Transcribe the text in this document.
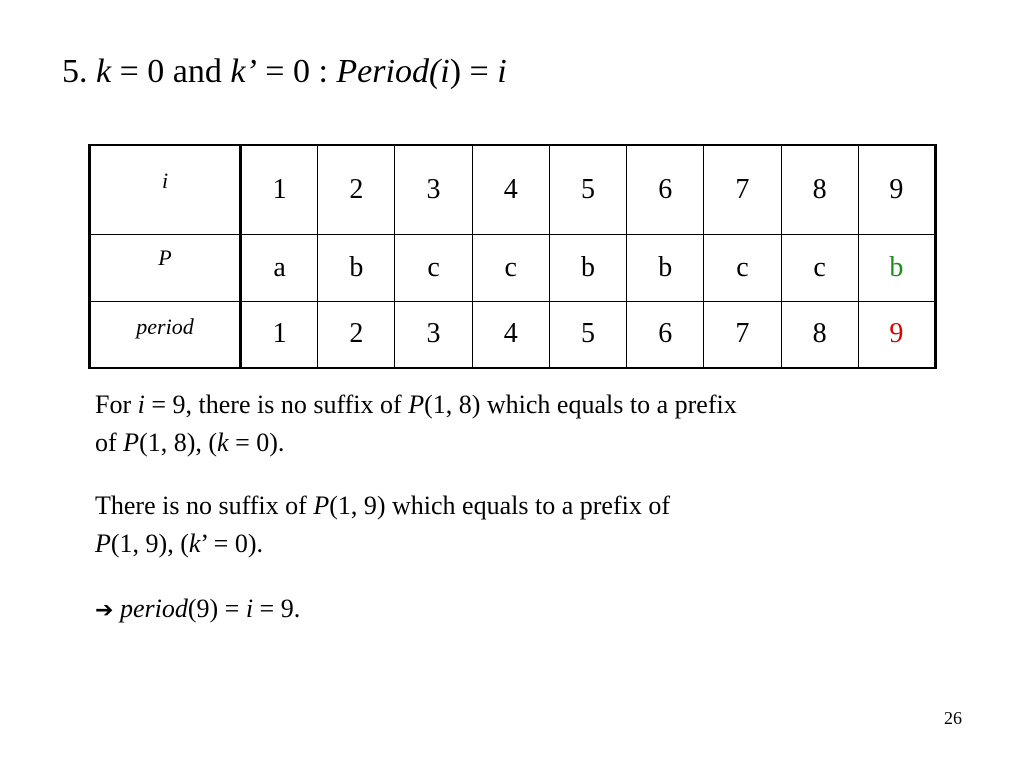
5. k = 0 and k’ = 0 : Period(i) = i
i	1	2	3	4	5	6	7	8	9
P	a	b	c	c	b	b	c	c	b
period	1	2	3	4	5	6	7	8	9
For i = 9, there is no suffix of P(1, 8) which equals to a prefix
of P(1, 8), (k = 0).
There is no suffix of P(1, 9) which equals to a prefix of
P(1, 9), (k’ = 0).
➔ period(9) = i = 9.
26
